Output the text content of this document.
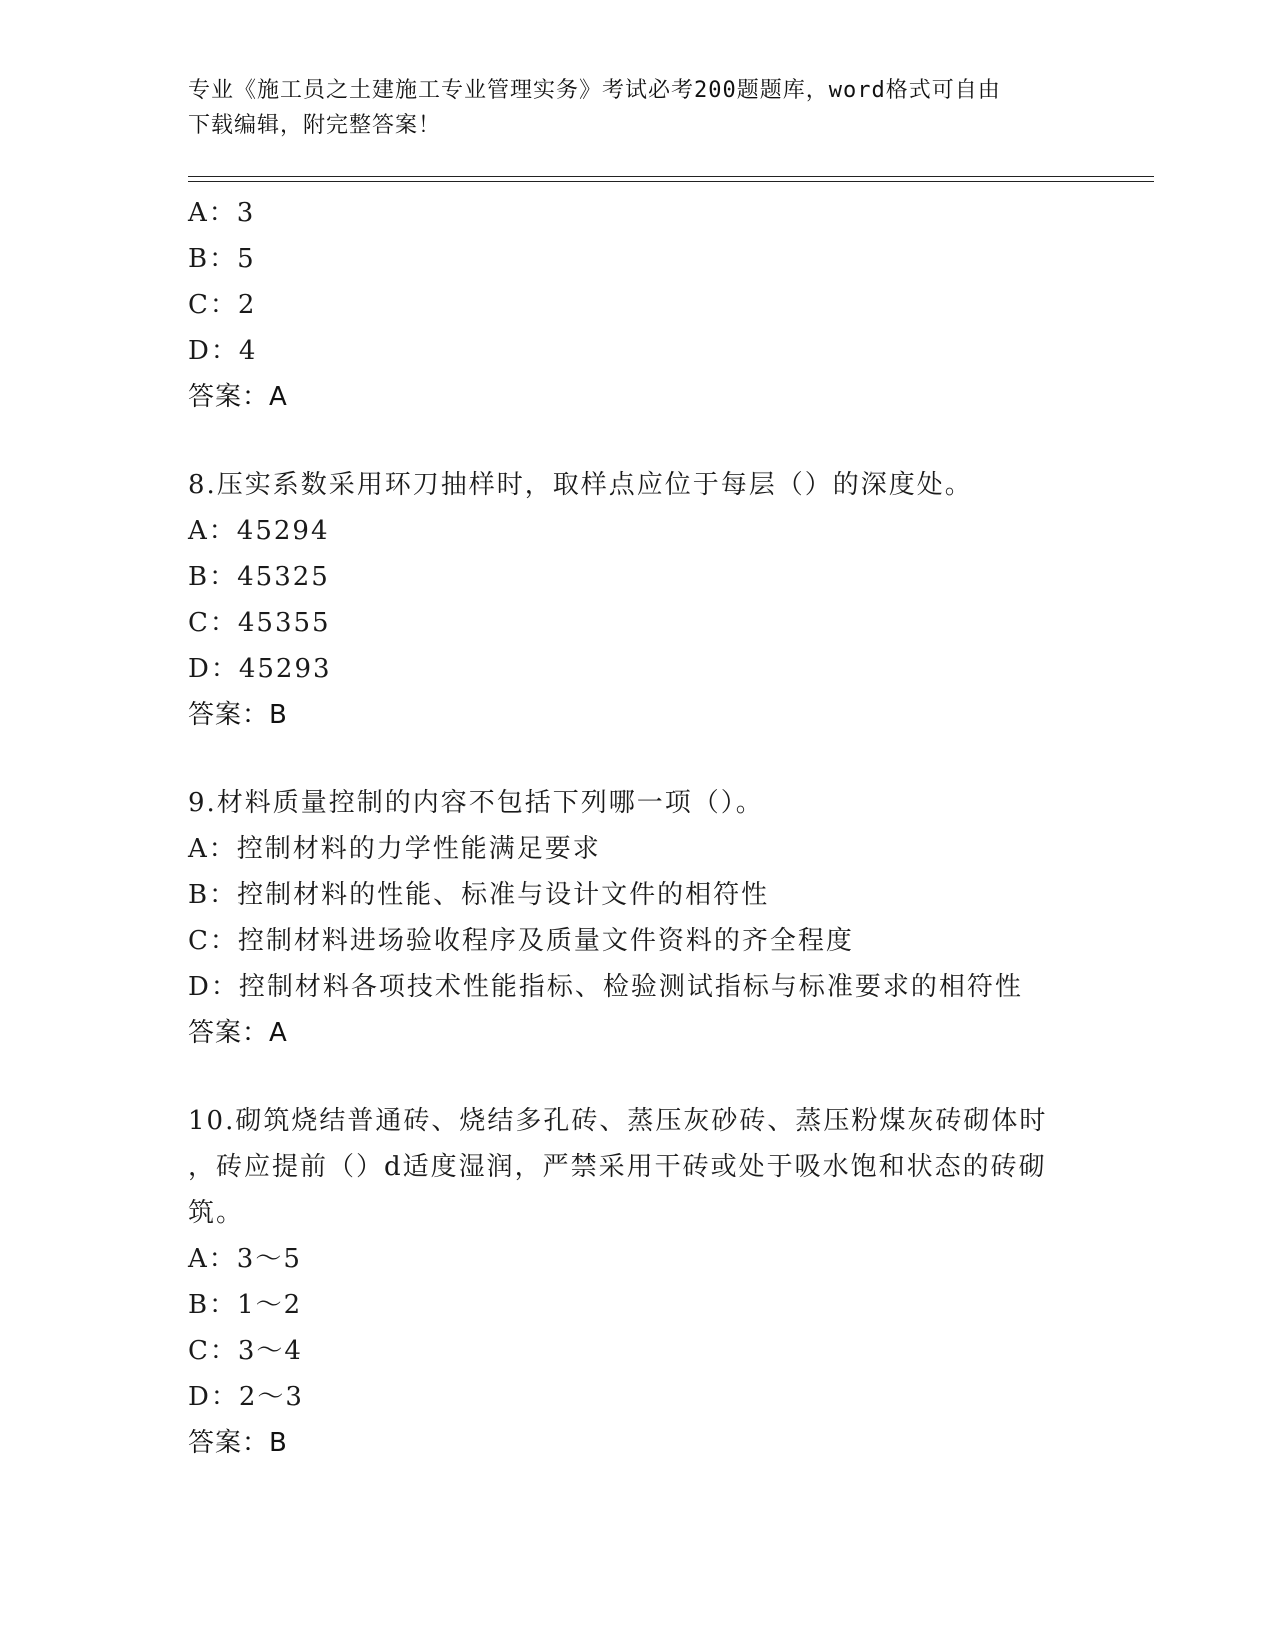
专业《施工员之土建施工专业管理实务》考试必考200题题库，word格式可自由
下载编辑，附完整答案！
A：3
B：5
C：2
D：4
答案：A
8.压实系数采用环刀抽样时，取样点应位于每层（）的深度处。
A：45294
B：45325
C：45355
D：45293
答案：B
9.材料质量控制的内容不包括下列哪一项（）。
A：控制材料的力学性能满足要求
B：控制材料的性能、标准与设计文件的相符性
C：控制材料进场验收程序及质量文件资料的齐全程度
D：控制材料各项技术性能指标、检验测试指标与标准要求的相符性
答案：A
10.砌筑烧结普通砖、烧结多孔砖、蒸压灰砂砖、蒸压粉煤灰砖砌体时
，砖应提前（）d适度湿润，严禁采用干砖或处于吸水饱和状态的砖砌
筑。
A：3～5
B：1～2
C：3～4
D：2～3
答案：B
